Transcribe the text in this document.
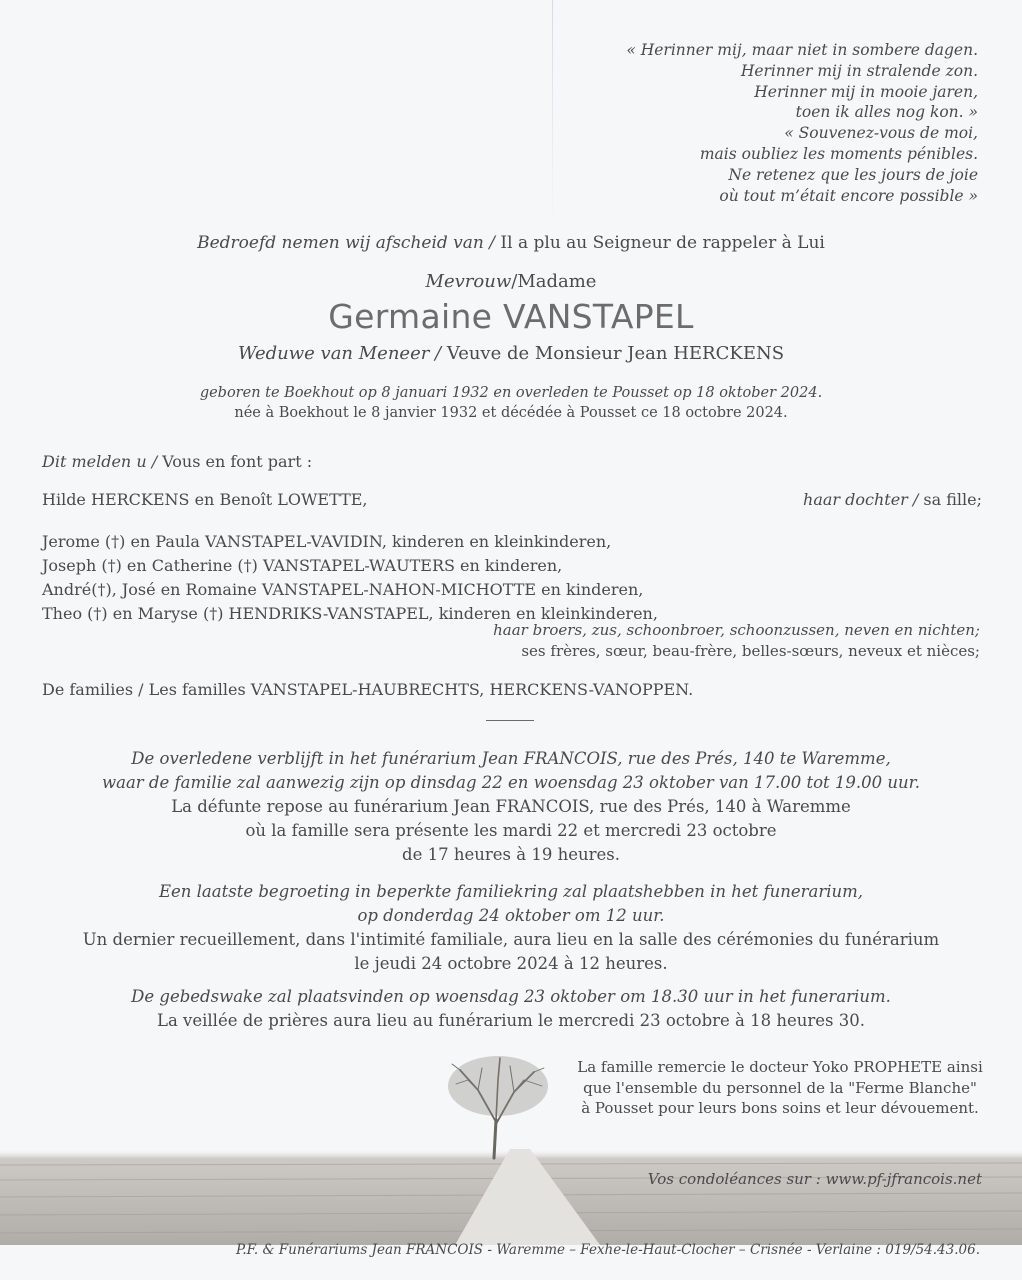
« Herinner mij, maar niet in sombere dagen.
Herinner mij in stralende zon.
Herinner mij in mooie jaren,
toen ik alles nog kon. »
« Souvenez-vous de moi,
mais oubliez les moments pénibles.
Ne retenez que les jours de joie
où tout m’était encore possible »
Bedroefd nemen wij afscheid van / Il a plu au Seigneur de rappeler à Lui
Mevrouw/Madame
Germaine VANSTAPEL
Weduwe van Meneer / Veuve de Monsieur Jean HERCKENS
geboren te Boekhout op 8 januari 1932 en overleden te Pousset op 18 oktober 2024.
née à Boekhout le 8 janvier 1932 et décédée à Pousset ce 18 octobre 2024.
Dit melden u / Vous en font part :
Hilde HERCKENS en Benoît LOWETTE,	haar dochter / sa fille;
Jerome (†) en Paula VANSTAPEL-VAVIDIN, kinderen en kleinkinderen,
Joseph (†) en Catherine (†) VANSTAPEL-WAUTERS en kinderen,
André(†), José en Romaine VANSTAPEL-NAHON-MICHOTTE en kinderen,
Theo (†) en Maryse (†) HENDRIKS-VANSTAPEL, kinderen en kleinkinderen,
haar broers, zus, schoonbroer, schoonzussen, neven en nichten;
ses frères, sœur, beau-frère, belles-sœurs, neveux et nièces;
De families / Les familles VANSTAPEL-HAUBRECHTS, HERCKENS-VANOPPEN.
De overledene verblijft in het funérarium Jean FRANCOIS, rue des Prés, 140 te Waremme,
waar de familie zal aanwezig zijn op dinsdag 22 en woensdag 23 oktober van 17.00 tot 19.00 uur.
La défunte repose au funérarium Jean FRANCOIS, rue des Prés, 140 à Waremme
où la famille sera présente les mardi 22 et mercredi 23 octobre
de 17 heures à 19 heures.
Een laatste begroeting in beperkte familiekring zal plaatshebben in het funerarium,
op donderdag 24 oktober om 12 uur.
Un dernier recueillement, dans l'intimité familiale, aura lieu en la salle des cérémonies du funérarium
le jeudi 24 octobre 2024 à 12 heures.
De gebedswake zal plaatsvinden op woensdag 23 oktober om 18.30 uur in het funerarium.
La veillée de prières aura lieu au funérarium le mercredi 23 octobre à 18 heures 30.
La famille remercie le docteur Yoko PROPHETE ainsi
que l'ensemble du personnel de la "Ferme Blanche"
à Pousset pour leurs bons soins et leur dévouement.
Vos condoléances sur : www.pf-jfrancois.net
P.F. & Funérariums Jean FRANCOIS - Waremme – Fexhe-le-Haut-Clocher – Crisnée - Verlaine : 019/54.43.06.
